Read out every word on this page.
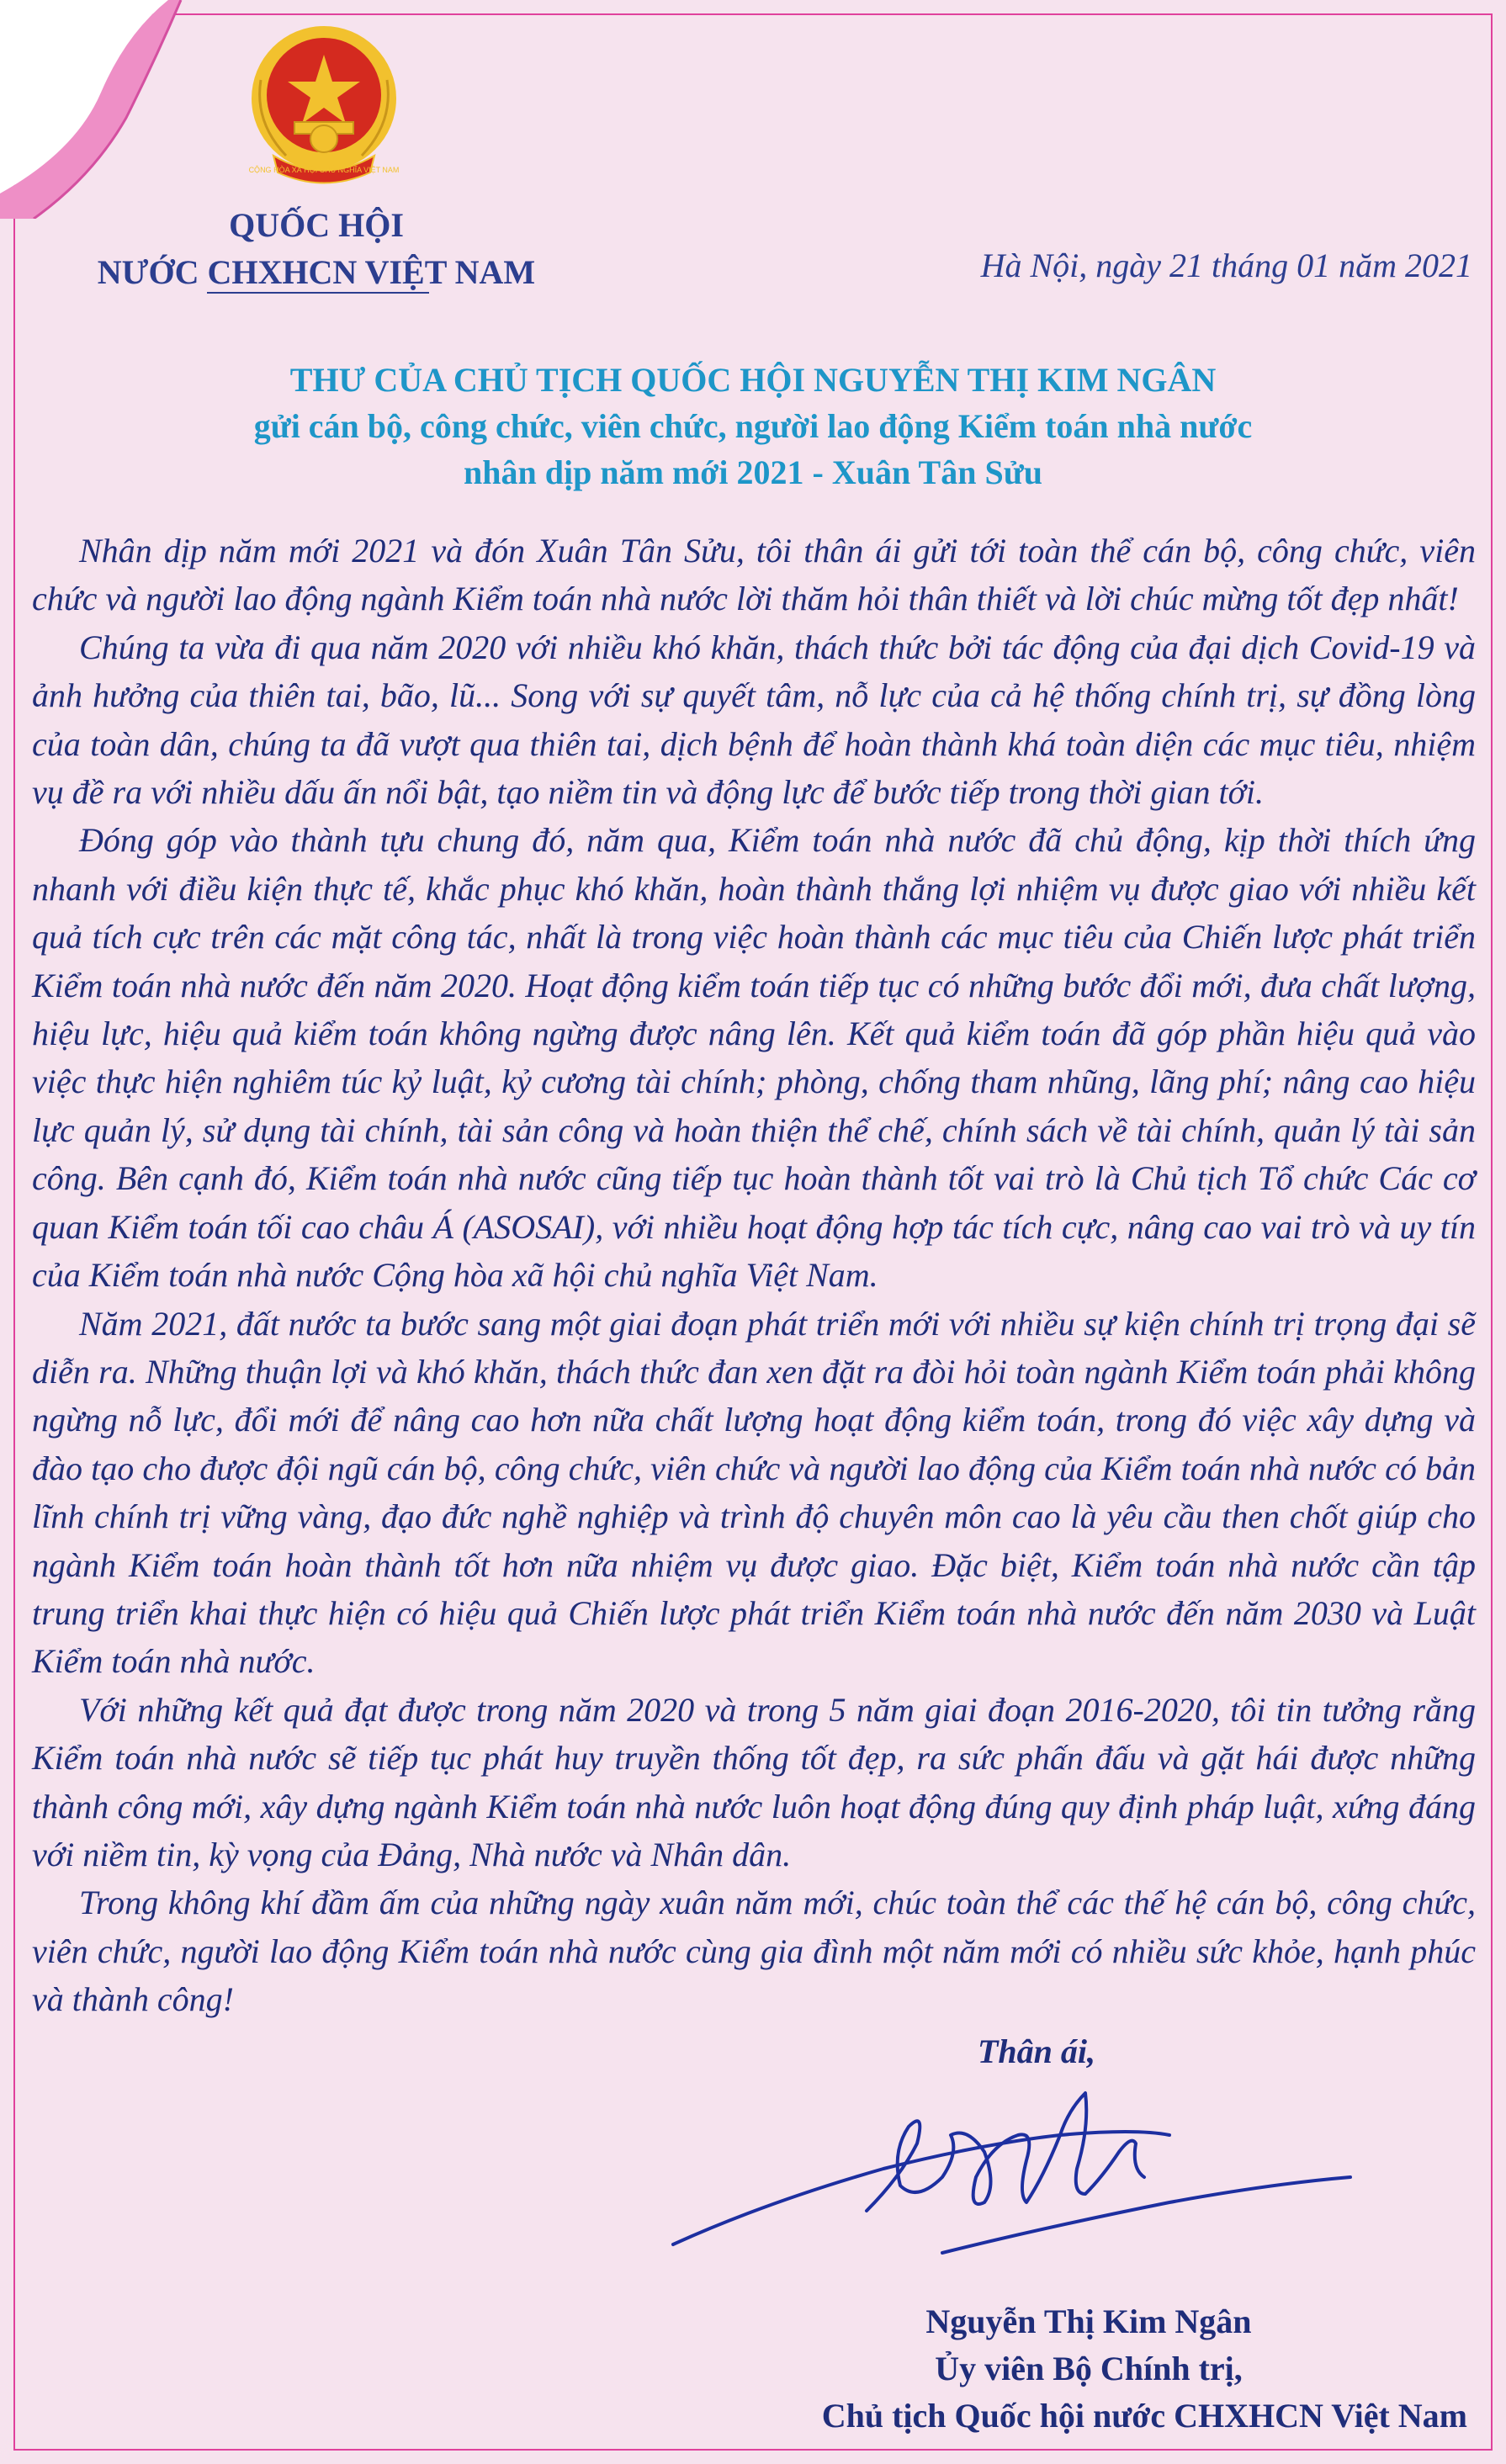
CỘNG HÒA XÃ HỘI CHỦ NGHĨA VIỆT NAM
QUỐC HỘI
NƯỚC CHXHCN VIỆT NAM	Hà Nội, ngày 21 tháng 01 năm 2021
THƯ CỦA CHỦ TỊCH QUỐC HỘI NGUYỄN THỊ KIM NGÂN
gửi cán bộ, công chức, viên chức, người lao động Kiểm toán nhà nước
nhân dịp năm mới 2021 - Xuân Tân Sửu

Nhân dịp năm mới 2021 và đón Xuân Tân Sửu, tôi thân ái gửi tới toàn thể cán bộ, công chức, viên chức và người lao động ngành Kiểm toán nhà nước lời thăm hỏi thân thiết và lời chúc mừng tốt đẹp nhất!

Chúng ta vừa đi qua năm 2020 với nhiều khó khăn, thách thức bởi tác động của đại dịch Covid-19 và ảnh hưởng của thiên tai, bão, lũ... Song với sự quyết tâm, nỗ lực của cả hệ thống chính trị, sự đồng lòng của toàn dân, chúng ta đã vượt qua thiên tai, dịch bệnh để hoàn thành khá toàn diện các mục tiêu, nhiệm vụ đề ra với nhiều dấu ấn nổi bật, tạo niềm tin và động lực để bước tiếp trong thời gian tới.

Đóng góp vào thành tựu chung đó, năm qua, Kiểm toán nhà nước đã chủ động, kịp thời thích ứng nhanh với điều kiện thực tế, khắc phục khó khăn, hoàn thành thắng lợi nhiệm vụ được giao với nhiều kết quả tích cực trên các mặt công tác, nhất là trong việc hoàn thành các mục tiêu của Chiến lược phát triển Kiểm toán nhà nước đến năm 2020. Hoạt động kiểm toán tiếp tục có những bước đổi mới, đưa chất lượng, hiệu lực, hiệu quả kiểm toán không ngừng được nâng lên. Kết quả kiểm toán đã góp phần hiệu quả vào việc thực hiện nghiêm túc kỷ luật, kỷ cương tài chính; phòng, chống tham nhũng, lãng phí; nâng cao hiệu lực quản lý, sử dụng tài chính, tài sản công và hoàn thiện thể chế, chính sách về tài chính, quản lý tài sản công. Bên cạnh đó, Kiểm toán nhà nước cũng tiếp tục hoàn thành tốt vai trò là Chủ tịch Tổ chức Các cơ quan Kiểm toán tối cao châu Á (ASOSAI), với nhiều hoạt động hợp tác tích cực, nâng cao vai trò và uy tín của Kiểm toán nhà nước Cộng hòa xã hội chủ nghĩa Việt Nam.

Năm 2021, đất nước ta bước sang một giai đoạn phát triển mới với nhiều sự kiện chính trị trọng đại sẽ diễn ra. Những thuận lợi và khó khăn, thách thức đan xen đặt ra đòi hỏi toàn ngành Kiểm toán phải không ngừng nỗ lực, đổi mới để nâng cao hơn nữa chất lượng hoạt động kiểm toán, trong đó việc xây dựng và đào tạo cho được đội ngũ cán bộ, công chức, viên chức và người lao động của Kiểm toán nhà nước có bản lĩnh chính trị vững vàng, đạo đức nghề nghiệp và trình độ chuyên môn cao là yêu cầu then chốt giúp cho ngành Kiểm toán hoàn thành tốt hơn nữa nhiệm vụ được giao. Đặc biệt, Kiểm toán nhà nước cần tập trung triển khai thực hiện có hiệu quả Chiến lược phát triển Kiểm toán nhà nước đến năm 2030 và Luật Kiểm toán nhà nước.

Với những kết quả đạt được trong năm 2020 và trong 5 năm giai đoạn 2016-2020, tôi tin tưởng rằng Kiểm toán nhà nước sẽ tiếp tục phát huy truyền thống tốt đẹp, ra sức phấn đấu và gặt hái được những thành công mới, xây dựng ngành Kiểm toán nhà nước luôn hoạt động đúng quy định pháp luật, xứng đáng với niềm tin, kỳ vọng của Đảng, Nhà nước và Nhân dân.

Trong không khí đầm ấm của những ngày xuân năm mới, chúc toàn thể các thế hệ cán bộ, công chức, viên chức, người lao động Kiểm toán nhà nước cùng gia đình một năm mới có nhiều sức khỏe, hạnh phúc và thành công!

Thân ái,
Nguyễn Thị Kim Ngân
Ủy viên Bộ Chính trị,
Chủ tịch Quốc hội nước CHXHCN Việt Nam
